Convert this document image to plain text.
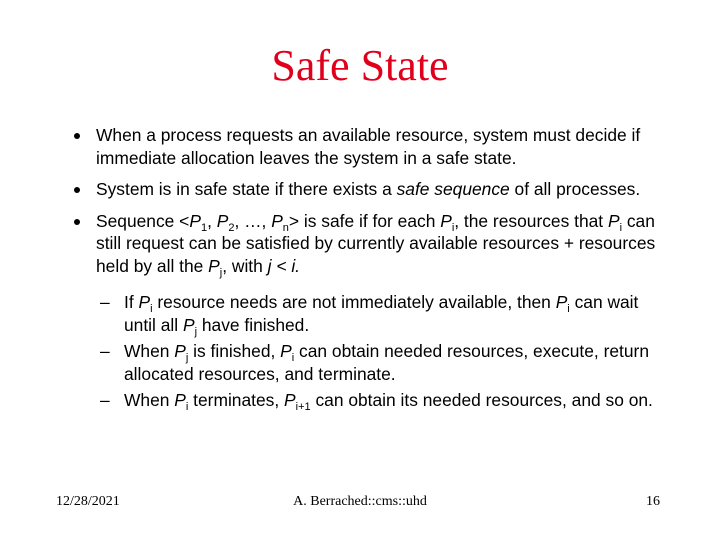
Safe State
When a process requests an available resource, system must decide if immediate allocation leaves the system in a safe state.
System is in safe state if there exists a safe sequence of all processes.
Sequence $<P_1$, $P_2$, …, $P_n>$ is safe if for each $P_i$, the resources that $P_i$ can still request can be satisfied by currently available resources + resources held by all the $P_j$, with j < i.
– If $P_i$ resource needs are not immediately available, then $P_i$ can wait until all $P_j$ have finished.
– When $P_j$ is finished, $P_i$ can obtain needed resources, execute, return allocated resources, and terminate.
– When $P_i$ terminates, $P_{i+1}$ can obtain its needed resources, and so on.
12/28/2021	A. Berrached::cms::uhd	16
